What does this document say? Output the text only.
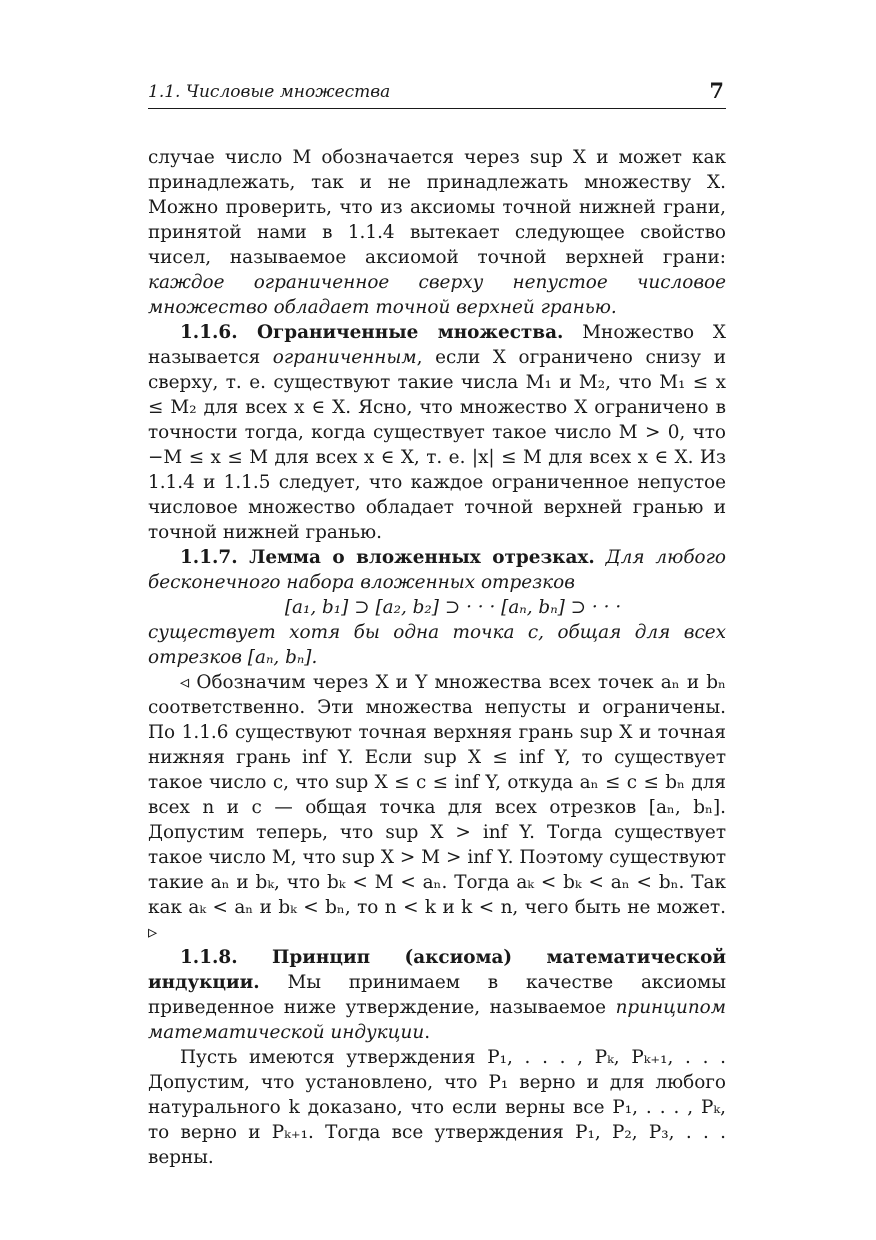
1.1. Числовые множества	7

случае число M обозначается через sup X и может как принадлежать, так и не принадлежать множеству X. Можно проверить, что из аксиомы точной нижней грани, принятой нами в 1.1.4 вытекает следующее свойство чисел, называемое аксиомой точной верхней грани: каждое ограниченное сверху непустое числовое множество обладает точной верхней гранью.

1.1.6. Ограниченные множества. Множество X называется ограниченным, если X ограничено снизу и сверху, т. е. существуют такие числа M₁ и M₂, что M₁ ≤ x ≤ M₂ для всех x ∈ X. Ясно, что множество X ограничено в точности тогда, когда существует такое число M > 0, что −M ≤ x ≤ M для всех x ∈ X, т. е. |x| ≤ M для всех x ∈ X. Из 1.1.4 и 1.1.5 следует, что каждое ограниченное непустое числовое множество обладает точной верхней гранью и точной нижней гранью.

1.1.7. Лемма о вложенных отрезках. Для любого бесконечного набора вложенных отрезков

[a₁, b₁] ⊃ [a₂, b₂] ⊃ · · · [aₙ, bₙ] ⊃ · · ·

существует хотя бы одна точка c, общая для всех отрезков [aₙ, bₙ].

◃ Обозначим через X и Y множества всех точек aₙ и bₙ соответственно. Эти множества непусты и ограничены. По 1.1.6 существуют точная верхняя грань sup X и точная нижняя грань inf Y. Если sup X ≤ inf Y, то существует такое число c, что sup X ≤ c ≤ inf Y, откуда aₙ ≤ c ≤ bₙ для всех n и c — общая точка для всех отрезков [aₙ, bₙ]. Допустим теперь, что sup X > inf Y. Тогда существует такое число M, что sup X > M > inf Y. Поэтому существуют такие aₙ и bₖ, что bₖ < M < aₙ. Тогда aₖ < bₖ < aₙ < bₙ. Так как aₖ < aₙ и bₖ < bₙ, то n < k и k < n, чего быть не может. ▹

1.1.8. Принцип (аксиома) математической индукции. Мы принимаем в качестве аксиомы приведенное ниже утверждение, называемое принципом математической индукции.

Пусть имеются утверждения P₁, . . . , Pₖ, Pₖ₊₁, . . . Допустим, что установлено, что P₁ верно и для любого натурального k доказано, что если верны все P₁, . . . , Pₖ, то верно и Pₖ₊₁. Тогда все утверждения P₁, P₂, P₃, . . . верны.
